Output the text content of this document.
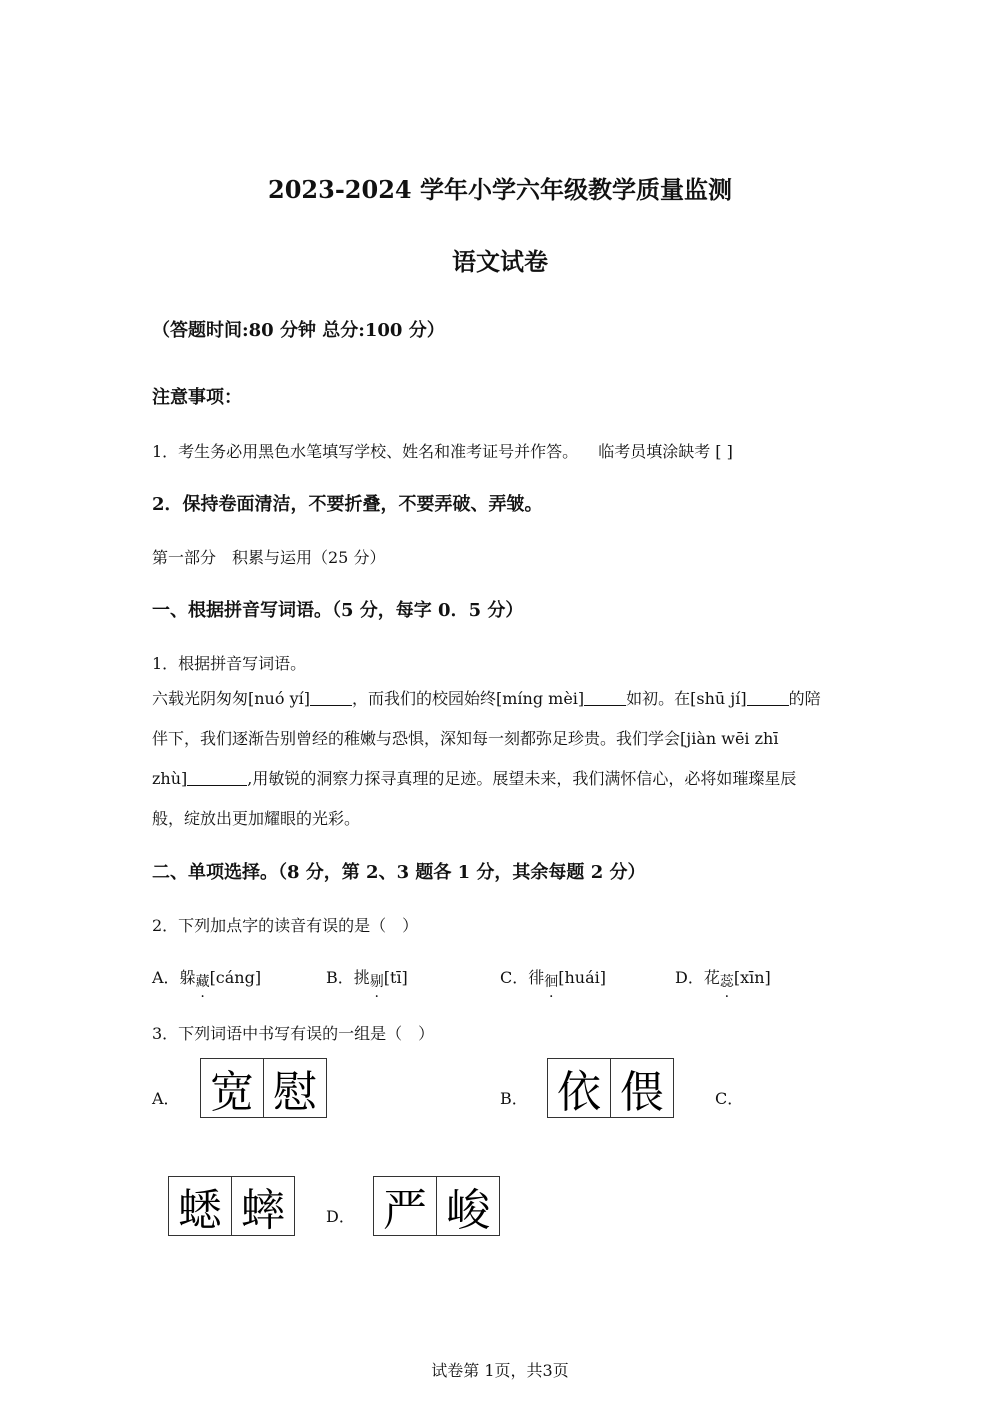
2023-2024 学年小学六年级教学质量监测
语文试卷
（答题时间:80 分钟 总分:100 分）
注意事项：
1．考生务必用黑色水笔填写学校、姓名和准考证号并作答。 临考员填涂缺考 [ ]
2．保持卷面清洁，不要折叠，不要弄破、弄皱。
第一部分　积累与运用（25 分）
一、根据拼音写词语。（5 分，每字 0．5 分）
1．根据拼音写词语。
六载光阴匆匆[nuó yí]	，而我们的校园始终[míng mèi]	如初。在[shū jí]	的陪
伴下，我们逐渐告别曾经的稚嫩与恐惧，深知每一刻都弥足珍贵。我们学会[jiàn wēi zhī
zhù]	,用敏锐的洞察力探寻真理的足迹。展望未来，我们满怀信心，必将如璀璨星辰
般，绽放出更加耀眼的光彩。
二、单项选择。（8 分，第 2、3 题各 1 分，其余每题 2 分）
2．下列加点字的读音有误的是（　）
A．躲藏[cáng]	B．挑剔[tī]	C．徘徊[huái]	D．花蕊[xīn]
3．下列词语中书写有误的一组是（　）
A． 宽 慰	B． 依 偎	C．
蟋 蟀	D． 严 峻
试卷第 1页，共3页
